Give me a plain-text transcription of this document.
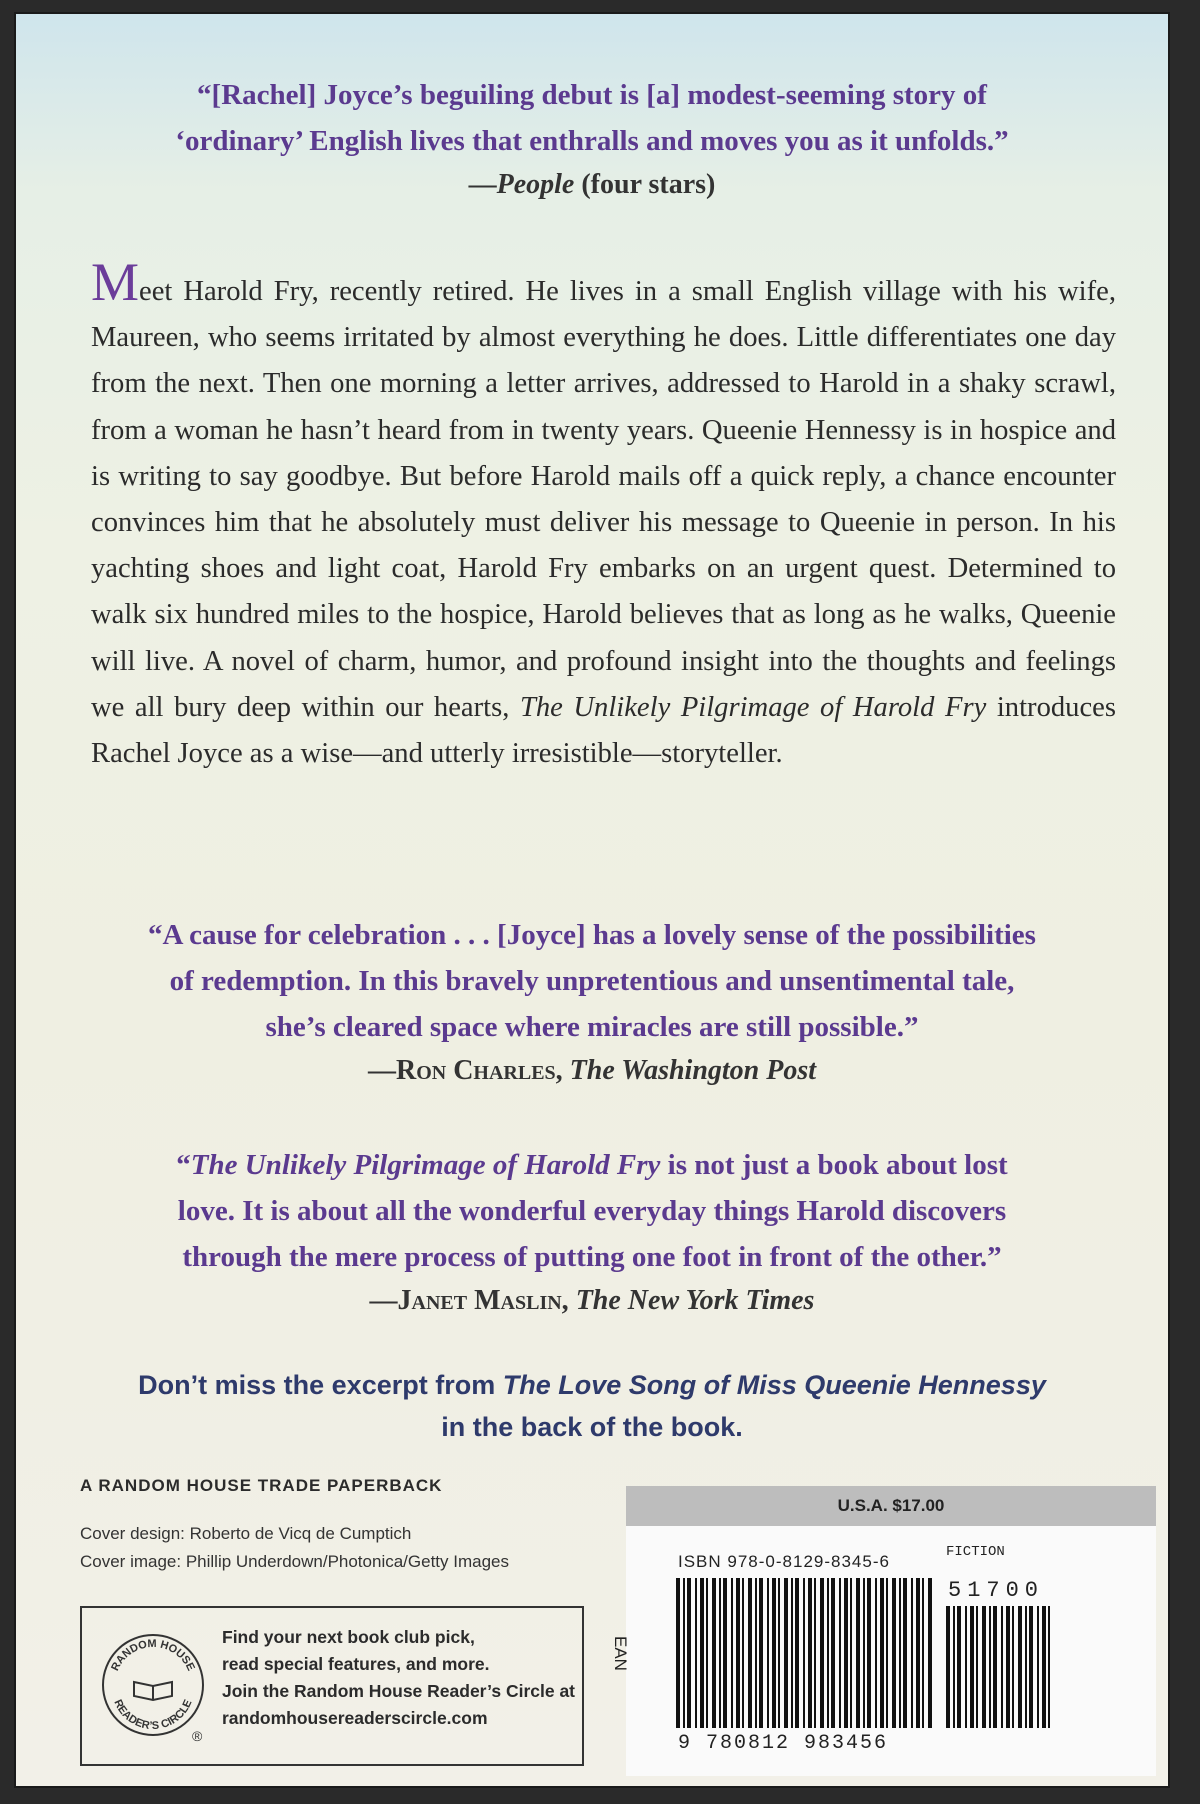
“[Rachel] Joyce’s beguiling debut is [a] modest-seeming story of ‘ordinary’ English lives that enthralls and moves you as it unfolds.”
—People (four stars)
Meet Harold Fry, recently retired. He lives in a small English village with his wife, Maureen, who seems irritated by almost everything he does. Little differentiates one day from the next. Then one morning a letter arrives, addressed to Harold in a shaky scrawl, from a woman he hasn’t heard from in twenty years. Queenie Hennessy is in hospice and is writing to say goodbye. But before Harold mails off a quick reply, a chance encounter convinces him that he absolutely must deliver his message to Queenie in person. In his yachting shoes and light coat, Harold Fry embarks on an urgent quest. Determined to walk six hundred miles to the hospice, Harold believes that as long as he walks, Queenie will live. A novel of charm, humor, and profound insight into the thoughts and feelings we all bury deep within our hearts, The Unlikely Pilgrimage of Harold Fry introduces Rachel Joyce as a wise—and utterly irresistible—storyteller.
“A cause for celebration . . . [Joyce] has a lovely sense of the possibilities of redemption. In this bravely unpretentious and unsentimental tale, she’s cleared space where miracles are still possible.”
—Ron Charles, The Washington Post
“The Unlikely Pilgrimage of Harold Fry is not just a book about lost love. It is about all the wonderful everyday things Harold discovers through the mere process of putting one foot in front of the other.”
—Janet Maslin, The New York Times
Don’t miss the excerpt from The Love Song of Miss Queenie Hennessy
in the back of the book.
A RANDOM HOUSE TRADE PAPERBACK
Cover design: Roberto de Vicq de Cumptich
Cover image: Phillip Underdown/Photonica/Getty Images
RANDOM HOUSE
READER’S CIRCLE
®
Find your next book club pick,
read special features, and more.
Join the Random House Reader’s Circle at
randomhousereaderscircle.com
U.S.A. $17.00
ISBN 978-0-8129-8345-6	FICTION
51700
EAN
9 780812 983456
